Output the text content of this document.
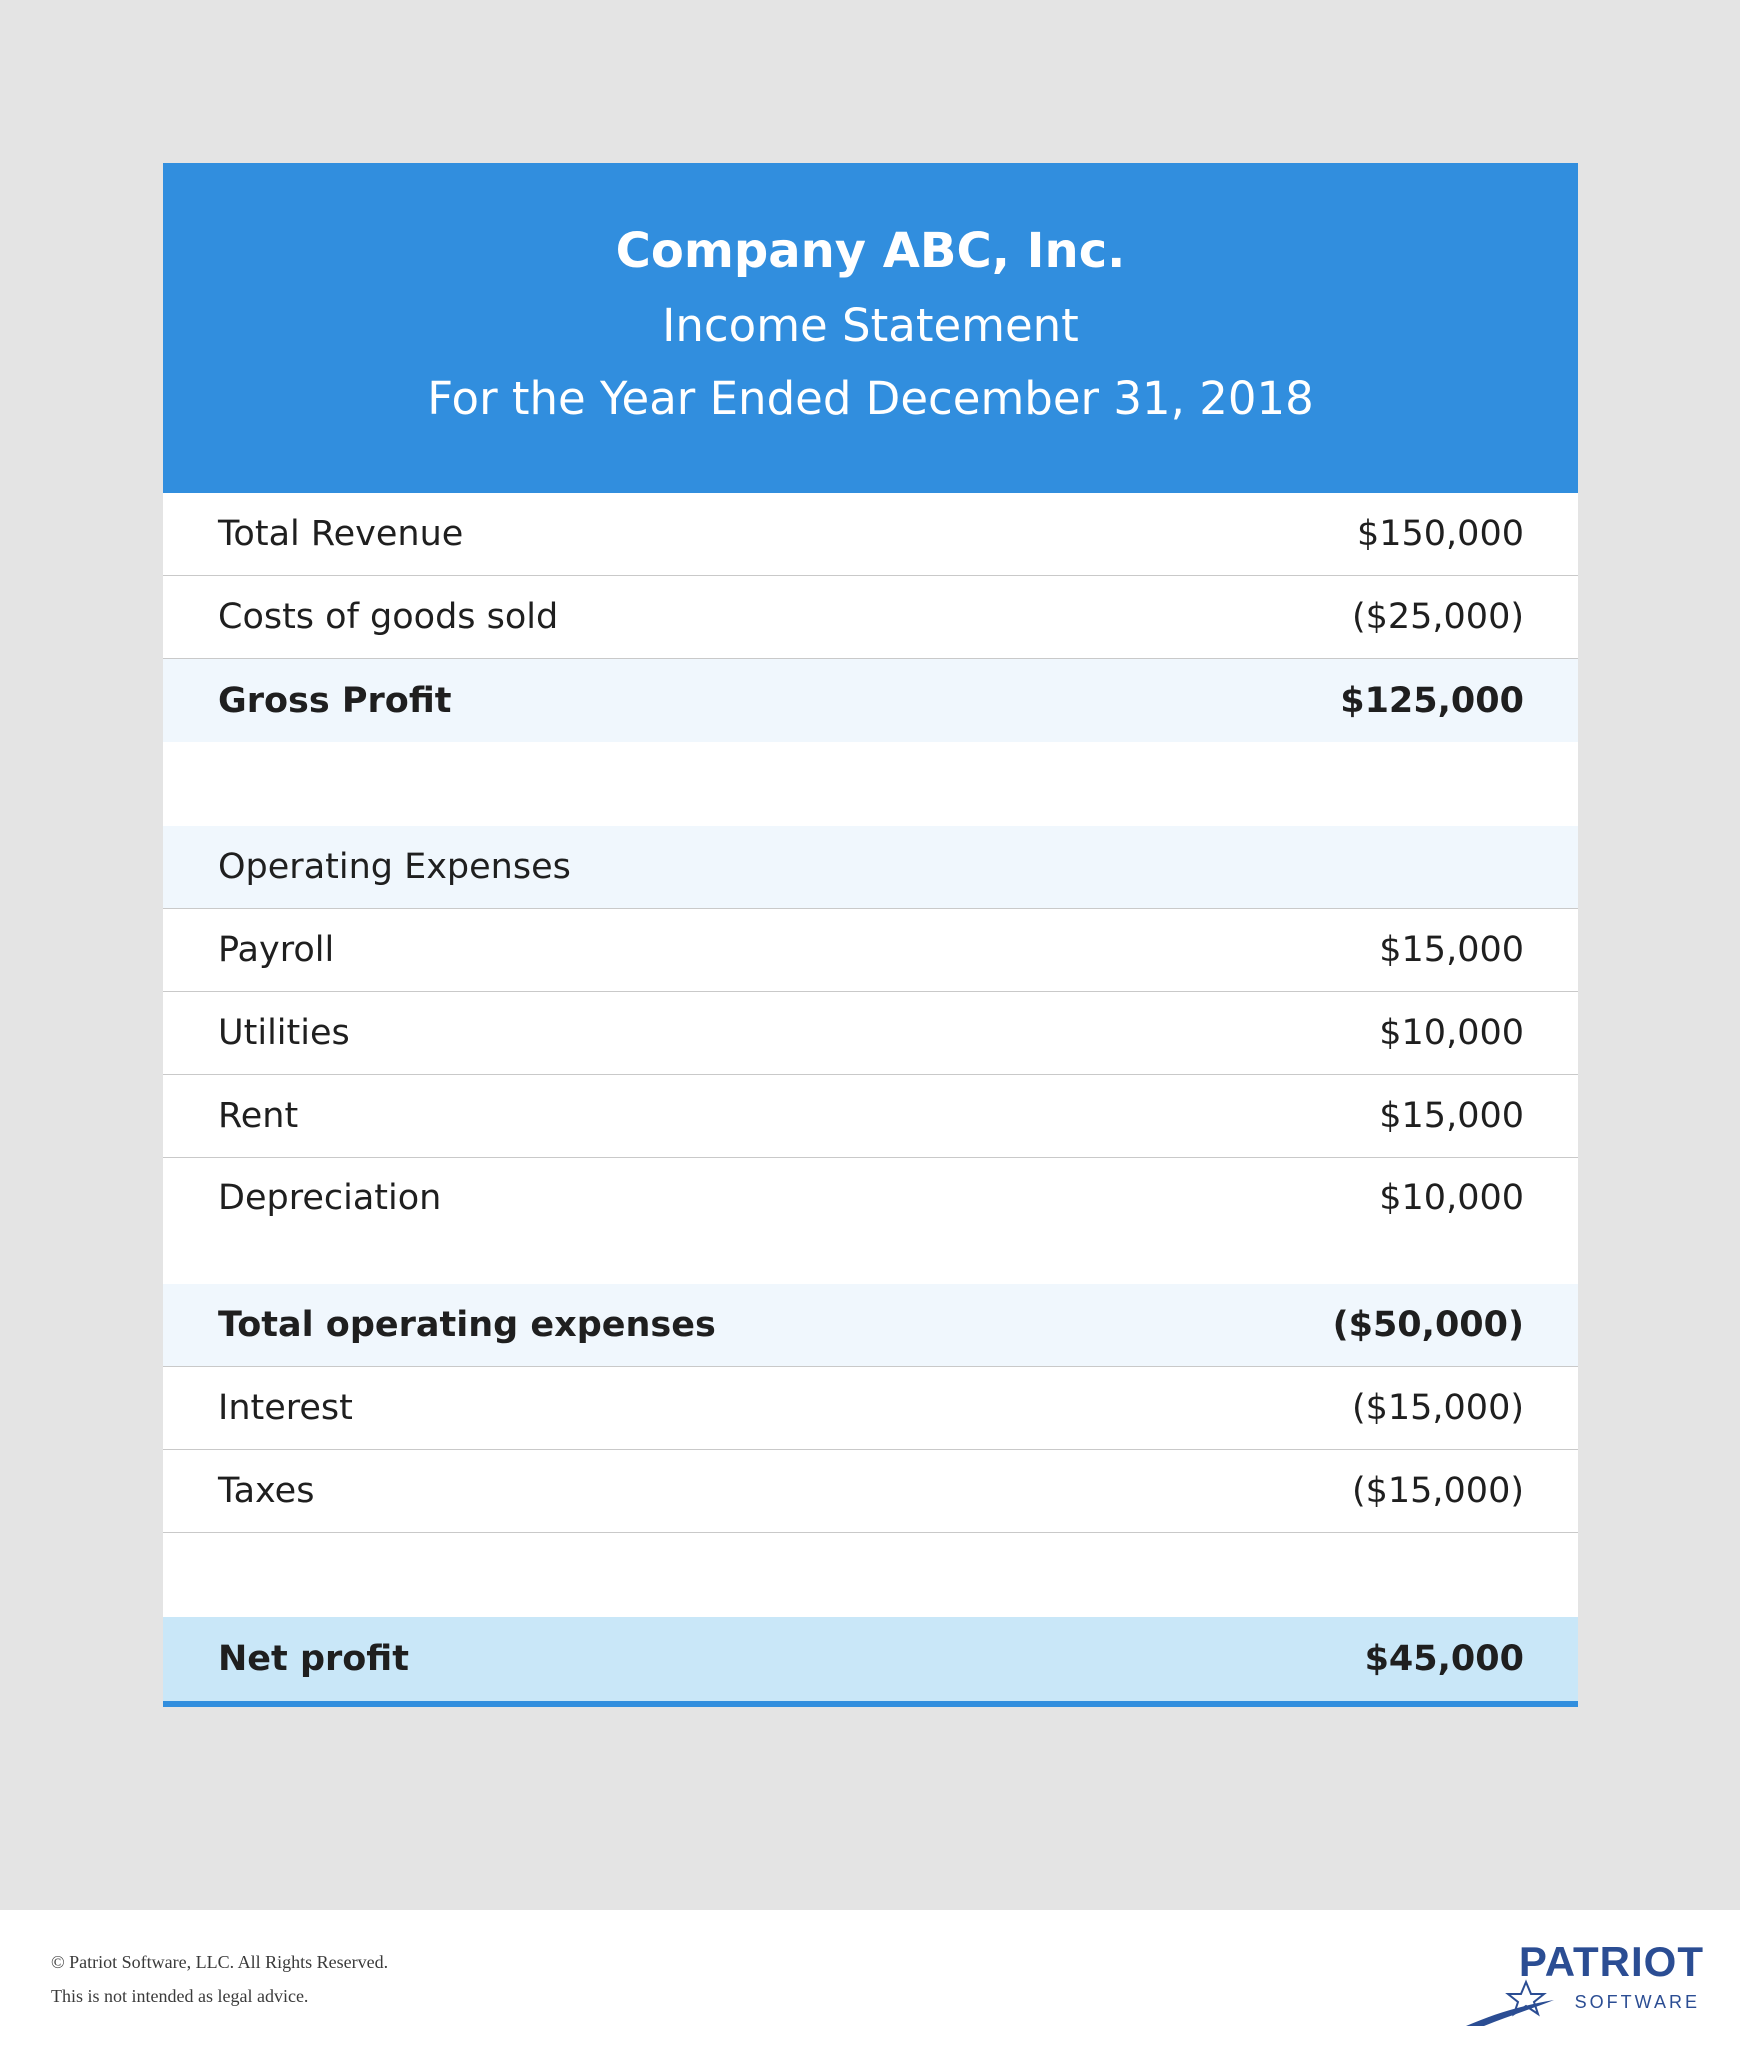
Company ABC, Inc.
Income Statement
For the Year Ended December 31, 2018
Total Revenue	$150,000
Costs of goods sold	($25,000)
Gross Profit	$125,000
Operating Expenses
Payroll	$15,000
Utilities	$10,000
Rent	$15,000
Depreciation	$10,000
Total operating expenses	($50,000)
Interest	($15,000)
Taxes	($15,000)
Net profit	$45,000
© Patriot Software, LLC. All Rights Reserved.
This is not intended as legal advice.
PATRIOT
SOFTWARE
